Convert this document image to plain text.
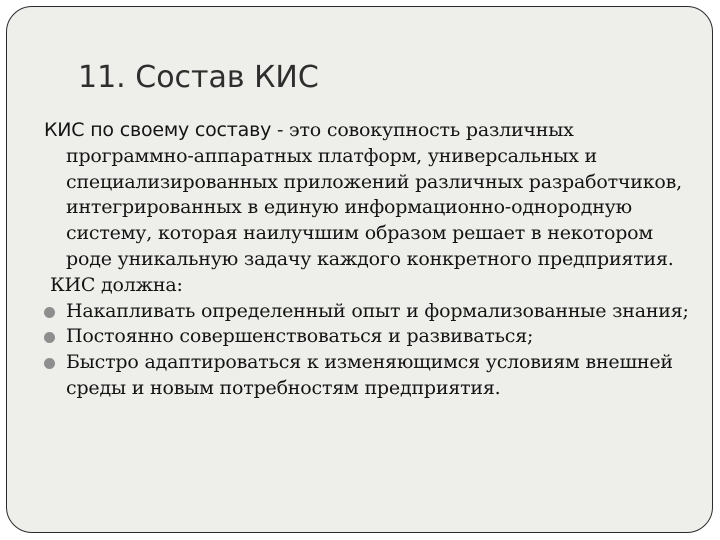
11. Состав КИС

КИС по своему составу - это совокупность различных программно-аппаратных платформ, универсальных и специализированных приложений различных разработчиков, интегрированных в единую информационно-однородную систему, которая наилучшим образом решает в некотором роде уникальную задачу каждого конкретного предприятия.

КИС должна:

Накапливать определенный опыт и формализованные знания;
Постоянно совершенствоваться и развиваться;
Быстро адаптироваться к изменяющимся условиям внешней среды и новым потребностям предприятия.
